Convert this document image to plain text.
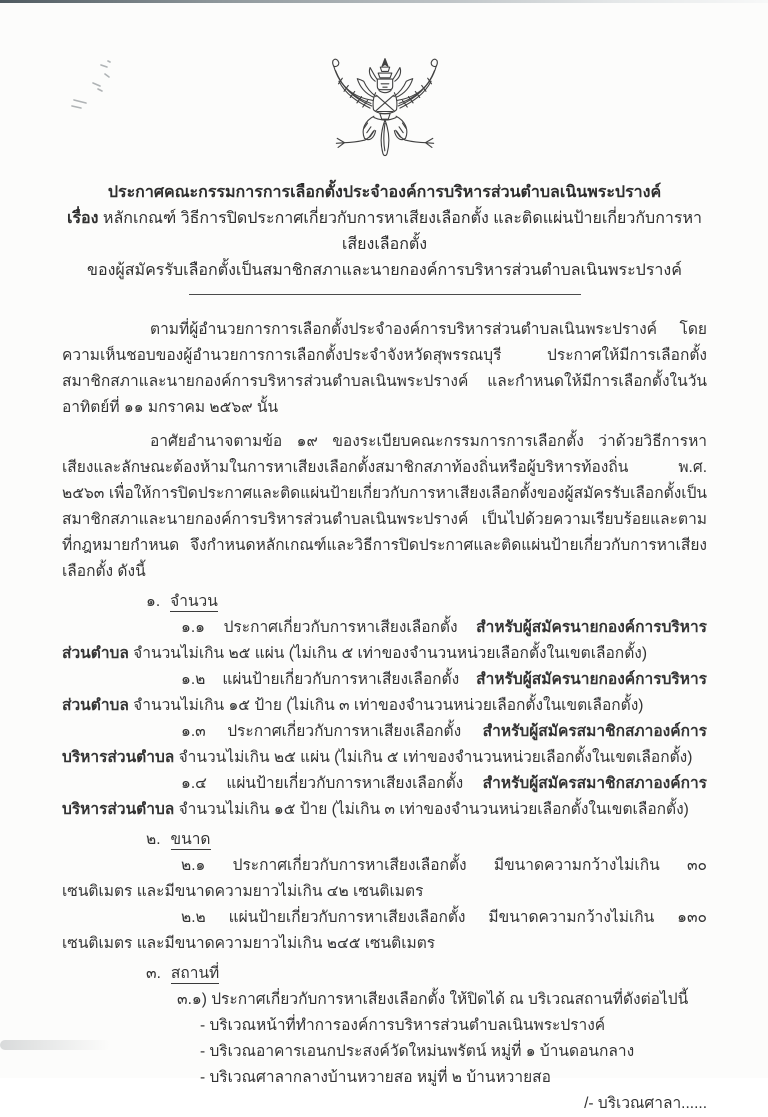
ประกาศคณะกรรมการการเลือกตั้งประจำองค์การบริหารส่วนตำบลเนินพระปรางค์
เรื่อง หลักเกณฑ์ วิธีการปิดประกาศเกี่ยวกับการหาเสียงเลือกตั้ง และติดแผ่นป้ายเกี่ยวกับการหาเสียงเลือกตั้ง
ของผู้สมัครรับเลือกตั้งเป็นสมาชิกสภาและนายกองค์การบริหารส่วนตำบลเนินพระปรางค์

ตามที่ผู้อำนวยการการเลือกตั้งประจำองค์การบริหารส่วนตำบลเนินพระปรางค์ โดยความเห็นชอบของผู้อำนวยการการเลือกตั้งประจำจังหวัดสุพรรณบุรี ประกาศให้มีการเลือกตั้งสมาชิกสภาและนายกองค์การบริหารส่วนตำบลเนินพระปรางค์ และกำหนดให้มีการเลือกตั้งในวันอาทิตย์ที่ ๑๑ มกราคม ๒๕๖๙ นั้น

อาศัยอำนาจตามข้อ ๑๙ ของระเบียบคณะกรรมการการเลือกตั้ง ว่าด้วยวิธีการหาเสียงและลักษณะต้องห้ามในการหาเสียงเลือกตั้งสมาชิกสภาท้องถิ่นหรือผู้บริหารท้องถิ่น พ.ศ. ๒๕๖๓ เพื่อให้การปิดประกาศและติดแผ่นป้ายเกี่ยวกับการหาเสียงเลือกตั้งของผู้สมัครรับเลือกตั้งเป็นสมาชิกสภาและนายกองค์การบริหารส่วนตำบลเนินพระปรางค์ เป็นไปด้วยความเรียบร้อยและตามที่กฎหมายกำหนด จึงกำหนดหลักเกณฑ์และวิธีการปิดประกาศและติดแผ่นป้ายเกี่ยวกับการหาเสียงเลือกตั้ง ดังนี้

๑. จำนวน

๑.๑ ประกาศเกี่ยวกับการหาเสียงเลือกตั้ง สำหรับผู้สมัครนายกองค์การบริหารส่วนตำบล จำนวนไม่เกิน ๒๕ แผ่น (ไม่เกิน ๕ เท่าของจำนวนหน่วยเลือกตั้งในเขตเลือกตั้ง)

๑.๒ แผ่นป้ายเกี่ยวกับการหาเสียงเลือกตั้ง สำหรับผู้สมัครนายกองค์การบริหารส่วนตำบล จำนวนไม่เกิน ๑๕ ป้าย (ไม่เกิน ๓ เท่าของจำนวนหน่วยเลือกตั้งในเขตเลือกตั้ง)

๑.๓ ประกาศเกี่ยวกับการหาเสียงเลือกตั้ง สำหรับผู้สมัครสมาชิกสภาองค์การบริหารส่วนตำบล จำนวนไม่เกิน ๒๕ แผ่น (ไม่เกิน ๕ เท่าของจำนวนหน่วยเลือกตั้งในเขตเลือกตั้ง)

๑.๔ แผ่นป้ายเกี่ยวกับการหาเสียงเลือกตั้ง สำหรับผู้สมัครสมาชิกสภาองค์การบริหารส่วนตำบล จำนวนไม่เกิน ๑๕ ป้าย (ไม่เกิน ๓ เท่าของจำนวนหน่วยเลือกตั้งในเขตเลือกตั้ง)

๒. ขนาด

๒.๑ ประกาศเกี่ยวกับการหาเสียงเลือกตั้ง มีขนาดความกว้างไม่เกิน ๓๐ เซนติเมตร และมีขนาดความยาวไม่เกิน ๔๒ เซนติเมตร

๒.๒ แผ่นป้ายเกี่ยวกับการหาเสียงเลือกตั้ง มีขนาดความกว้างไม่เกิน ๑๓๐ เซนติเมตร และมีขนาดความยาวไม่เกิน ๒๔๕ เซนติเมตร

๓. สถานที่

๓.๑) ประกาศเกี่ยวกับการหาเสียงเลือกตั้ง ให้ปิดได้ ณ บริเวณสถานที่ดังต่อไปนี้

- บริเวณหน้าที่ทำการองค์การบริหารส่วนตำบลเนินพระปรางค์

- บริเวณอาคารเอนกประสงค์วัดใหม่นพรัตน์ หมู่ที่ ๑ บ้านดอนกลาง

- บริเวณศาลากลางบ้านหวายสอ หมู่ที่ ๒ บ้านหวายสอ

/- บริเวณศาลา......
